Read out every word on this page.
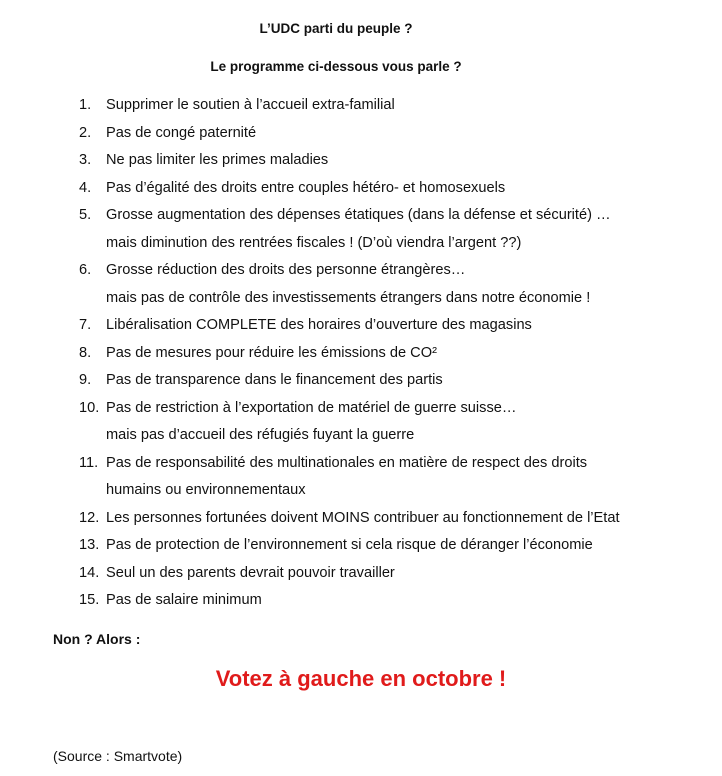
L’UDC parti du peuple ?
Le programme ci-dessous vous parle ?
1.	Supprimer le soutien à l’accueil extra-familial
2.	Pas de congé paternité
3.	Ne pas limiter les primes maladies
4.	Pas d’égalité des droits entre couples hétéro- et homosexuels
5.	Grosse augmentation des dépenses étatiques (dans la défense et sécurité) …
mais diminution des rentrées fiscales ! (D’où viendra l’argent ??)
6.	Grosse réduction des droits des personne étrangères…
mais pas de contrôle des investissements étrangers dans notre économie !
7.	Libéralisation COMPLETE des horaires d’ouverture des magasins
8.	Pas de mesures pour réduire les émissions de CO²
9.	Pas de transparence dans le financement des partis
10. Pas de restriction à l’exportation de matériel de guerre suisse…
mais pas d’accueil des réfugiés fuyant la guerre
11. Pas de responsabilité des multinationales en matière de respect des droits
humains ou environnementaux
12. Les personnes fortunées doivent MOINS contribuer au fonctionnement de l’Etat
13. Pas de protection de l’environnement si cela risque de déranger l’économie
14. Seul un des parents devrait pouvoir travailler
15. Pas de salaire minimum
Non ? Alors :
Votez à gauche en octobre !
(Source : Smartvote)
